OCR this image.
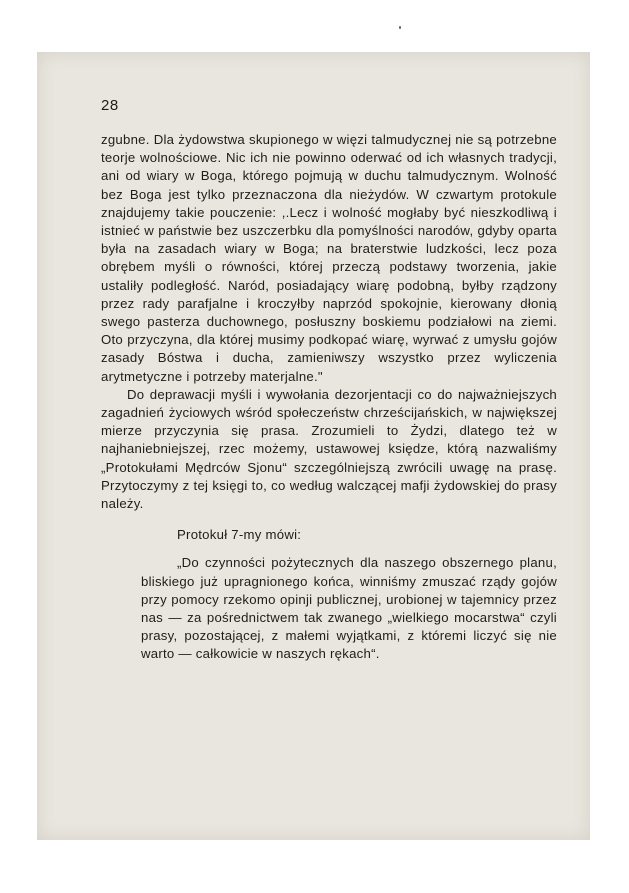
28

zgubne. Dla żydowstwa skupionego w więzi talmudycznej nie są potrzebne teorje wolnościowe. Nic ich nie powinno oderwać od ich własnych tradycji, ani od wiary w Boga, którego pojmują w duchu talmudycznym. Wolność bez Boga jest tylko przeznaczona dla nieżydów. W czwartym protokule znajdujemy takie pouczenie: ,.Lecz i wolność mogłaby być nieszkodliwą i istnieć w państwie bez uszczerbku dla pomyślności narodów, gdyby oparta była na zasadach wiary w Boga; na braterstwie ludzkości, lecz poza obrębem myśli o równości, której przeczą podstawy tworzenia, jakie ustaliły podległość. Naród, posiadający wiarę podobną, byłby rządzony przez rady parafjalne i kroczyłby naprzód spokojnie, kierowany dłonią swego pasterza duchownego, posłuszny boskiemu podziałowi na ziemi. Oto przyczyna, dla której musimy podkopać wiarę, wyrwać z umysłu gojów zasady Bóstwa i ducha, zamieniwszy wszystko przez wyliczenia arytmetyczne i potrzeby materjalne."

Do deprawacji myśli i wywołania dezorjentacji co do najważniejszych zagadnień życiowych wśród społeczeństw chrześcijańskich, w największej mierze przyczynia się prasa. Zrozumieli to Żydzi, dlatego też w najhaniebniejszej, rzec możemy, ustawowej księdze, którą nazwaliśmy „Protokułami Mędrców Sjonu“ szczególniejszą zwrócili uwagę na prasę. Przytoczymy z tej księgi to, co według walczącej mafji żydowskiej do prasy należy.

Protokuł 7-my mówi:

„Do czynności pożytecznych dla naszego obszernego planu, bliskiego już upragnionego końca, winniśmy zmuszać rządy gojów przy pomocy rzekomo opinji publicznej, urobionej w tajemnicy przez nas — za pośrednictwem tak zwanego „wielkiego mocarstwa“ czyli prasy, pozostającej, z małemi wyjątkami, z któremi liczyć się nie warto — całkowicie w naszych rękach“.
